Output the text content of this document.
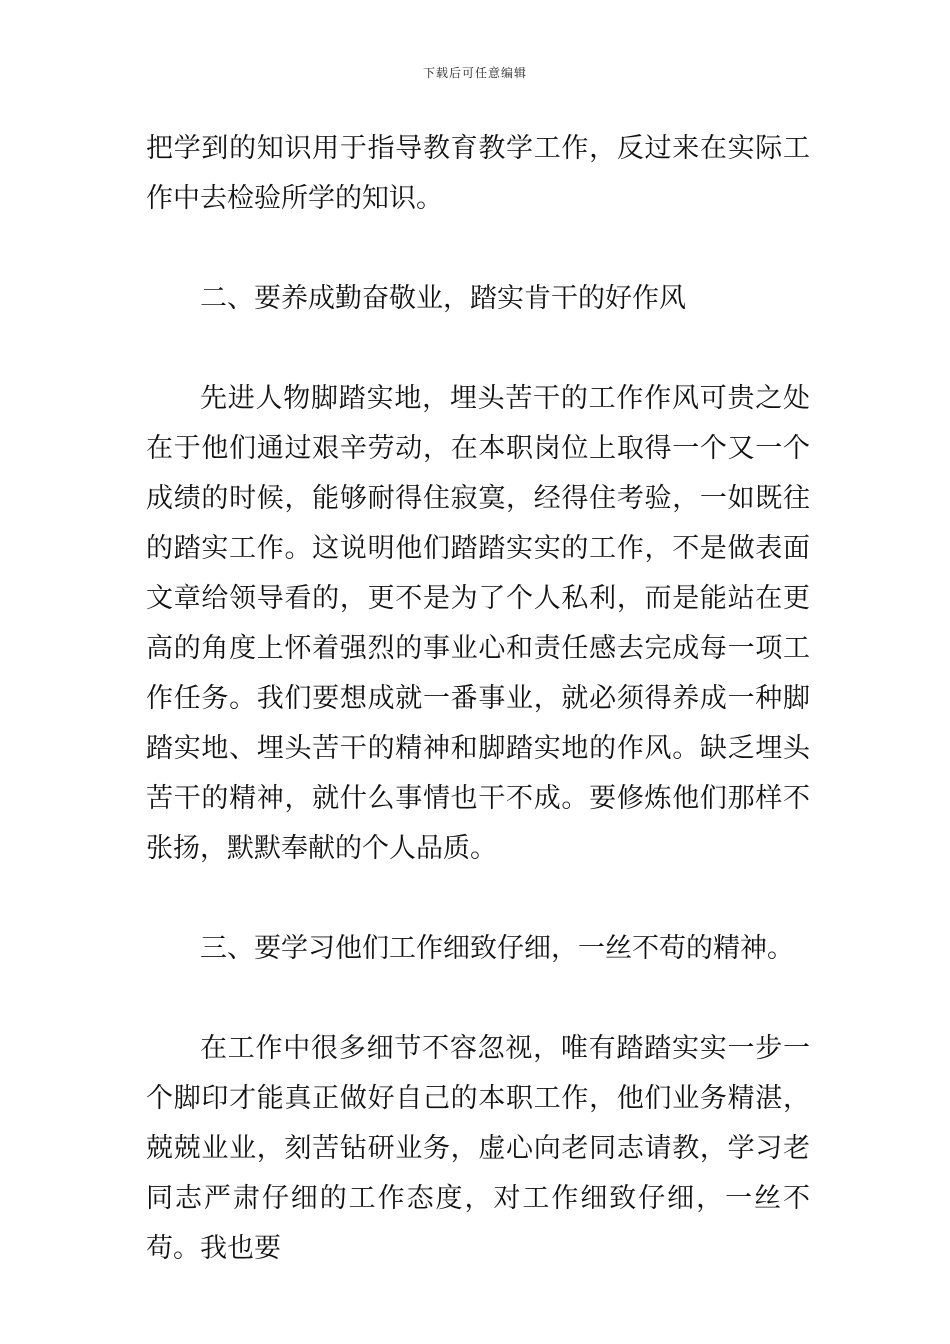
下载后可任意编辑

把学到的知识用于指导教育教学工作，反过来在实际工作中去检验所学的知识。

二、要养成勤奋敬业，踏实肯干的好作风

先进人物脚踏实地，埋头苦干的工作作风可贵之处在于他们通过艰辛劳动，在本职岗位上取得一个又一个成绩的时候，能够耐得住寂寞，经得住考验，一如既往的踏实工作。这说明他们踏踏实实的工作，不是做表面文章给领导看的，更不是为了个人私利，而是能站在更高的角度上怀着强烈的事业心和责任感去完成每一项工作任务。我们要想成就一番事业，就必须得养成一种脚踏实地、埋头苦干的精神和脚踏实地的作风。缺乏埋头苦干的精神，就什么事情也干不成。要修炼他们那样不张扬，默默奉献的个人品质。

三、要学习他们工作细致仔细，一丝不苟的精神。

在工作中很多细节不容忽视，唯有踏踏实实一步一个脚印才能真正做好自己的本职工作，他们业务精湛，兢兢业业，刻苦钻研业务，虚心向老同志请教，学习老同志严肃仔细的工作态度，对工作细致仔细，一丝不苟。我也要
